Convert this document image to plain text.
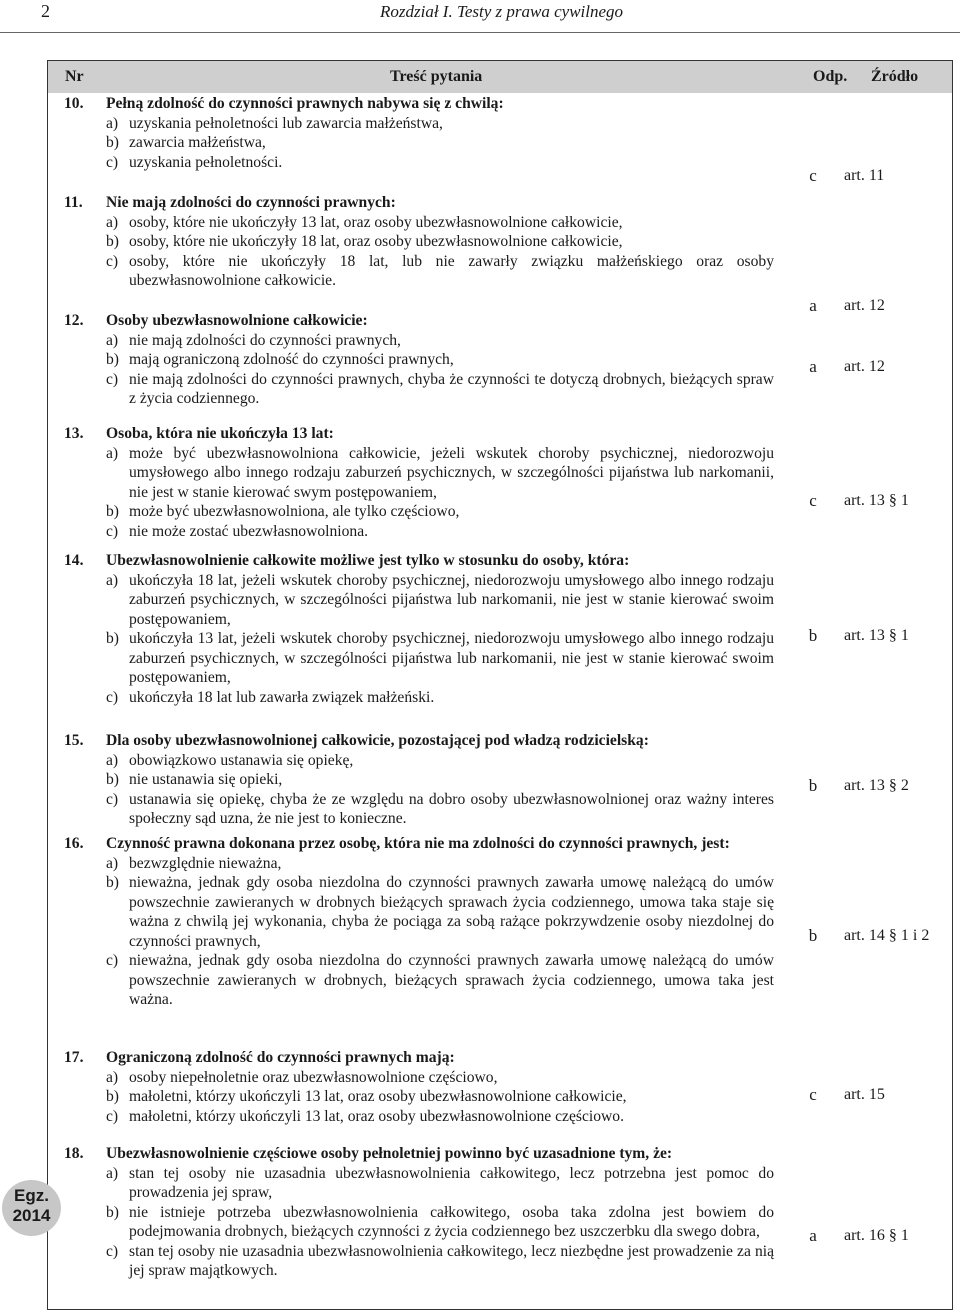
2	Rozdział I. Testy z prawa cywilnego
Nr	Treść pytania	Odp. Źródło
10. Pełną zdolność do czynności prawnych nabywa się z chwilą:
a) uzyskania pełnoletności lub zawarcia małżeństwa,
b) zawarcia małżeństwa,
c) uzyskania pełnoletności.
c	art. 11
11. Nie mają zdolności do czynności prawnych:
a) osoby, które nie ukończyły 13 lat, oraz osoby ubezwłasnowolnione całkowicie,
b) osoby, które nie ukończyły 18 lat, oraz osoby ubezwłasnowolnione całkowicie,
c) osoby, które nie ukończyły 18 lat, lub nie zawarły związku małżeńskiego oraz osoby ubezwłasnowolnione całkowicie.
a	art. 12
12. Osoby ubezwłasnowolnione całkowicie:
a) nie mają zdolności do czynności prawnych,
b) mają ograniczoną zdolność do czynności prawnych,
c) nie mają zdolności do czynności prawnych, chyba że czynności te dotyczą drobnych, bieżących spraw z życia codziennego.
a	art. 12
13. Osoba, która nie ukończyła 13 lat:
a) może być ubezwłasnowolniona całkowicie, jeżeli wskutek choroby psychicznej, niedorozwoju umysłowego albo innego rodzaju zaburzeń psychicznych, w szczególności pijaństwa lub narkomanii, nie jest w stanie kierować swym postępowaniem,
b) może być ubezwłasnowolniona, ale tylko częściowo,
c) nie może zostać ubezwłasnowolniona.
c	art. 13 § 1
14. Ubezwłasnowolnienie całkowite możliwe jest tylko w stosunku do osoby, która:
a) ukończyła 18 lat, jeżeli wskutek choroby psychicznej, niedorozwoju umysłowego albo innego rodzaju zaburzeń psychicznych, w szczególności pijaństwa lub narkomanii, nie jest w stanie kierować swoim postępowaniem,
b) ukończyła 13 lat, jeżeli wskutek choroby psychicznej, niedorozwoju umysłowego albo innego rodzaju zaburzeń psychicznych, w szczególności pijaństwa lub narkomanii, nie jest w stanie kierować swoim postępowaniem,
c) ukończyła 18 lat lub zawarła związek małżeński.
b	art. 13 § 1
15. Dla osoby ubezwłasnowolnionej całkowicie, pozostającej pod władzą rodzicielską:
a) obowiązkowo ustanawia się opiekę,
b) nie ustanawia się opieki,
c) ustanawia się opiekę, chyba że ze względu na dobro osoby ubezwłasnowolnionej oraz ważny interes społeczny sąd uzna, że nie jest to konieczne.
b	art. 13 § 2
16. Czynność prawna dokonana przez osobę, która nie ma zdolności do czynności prawnych, jest:
a) bezwzględnie nieważna,
b) nieważna, jednak gdy osoba niezdolna do czynności prawnych zawarła umowę należącą do umów powszechnie zawieranych w drobnych bieżących sprawach życia codziennego, umowa taka staje się ważna z chwilą jej wykonania, chyba że pociąga za sobą rażące pokrzywdzenie osoby niezdolnej do czynności prawnych,
c) nieważna, jednak gdy osoba niezdolna do czynności prawnych zawarła umowę należącą do umów powszechnie zawieranych w drobnych, bieżących sprawach życia codziennego, umowa taka jest ważna.
b	art. 14 § 1 i 2
17. Ograniczoną zdolność do czynności prawnych mają:
a) osoby niepełnoletnie oraz ubezwłasnowolnione częściowo,
b) małoletni, którzy ukończyli 13 lat, oraz osoby ubezwłasnowolnione całkowicie,
c) małoletni, którzy ukończyli 13 lat, oraz osoby ubezwłasnowolnione częściowo.
c	art. 15
18. Ubezwłasnowolnienie częściowe osoby pełnoletniej powinno być uzasadnione tym, że:
a) stan tej osoby nie uzasadnia ubezwłasnowolnienia całkowitego, lecz potrzebna jest pomoc do prowadzenia jej spraw,
b) nie istnieje potrzeba ubezwłasnowolnienia całkowitego, osoba taka zdolna jest bowiem do podejmowania drobnych, bieżących czynności z życia codziennego bez uszczerbku dla swego dobra,
c) stan tej osoby nie uzasadnia ubezwłasnowolnienia całkowitego, lecz niezbędne jest prowadzenie za nią jej spraw majątkowych.
a	art. 16 § 1
Egz.
2014
